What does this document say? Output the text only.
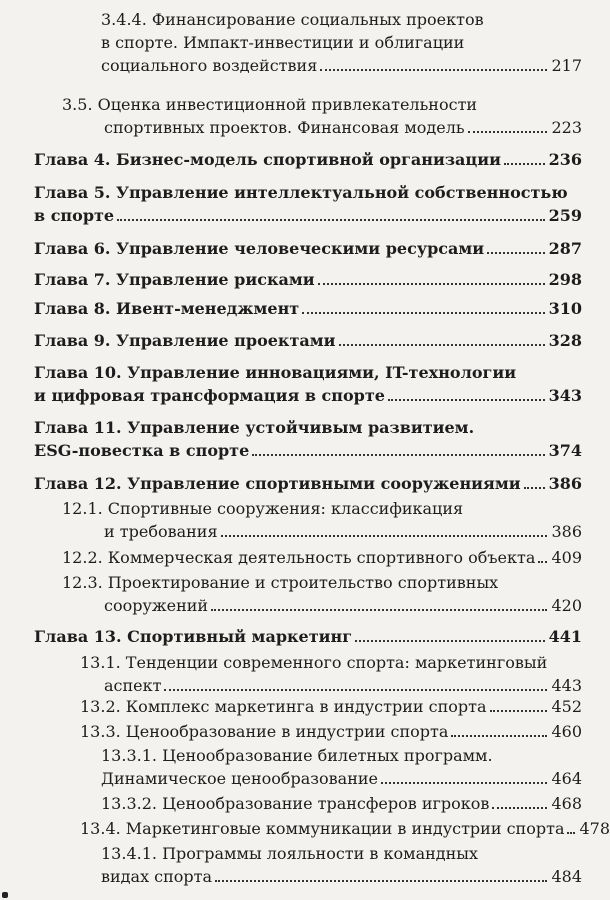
3.4.4. Финансирование социальных проектов
в спорте. Импакт-инвестиции и облигации
социального воздействия	217
3.5. Оценка инвестиционной привлекательности
спортивных проектов. Финансовая модель	223
Глава 4. Бизнес-модель спортивной организации	236
Глава 5. Управление интеллектуальной собственностью
в спорте	259
Глава 6. Управление человеческими ресурсами	287
Глава 7. Управление рисками	298
Глава 8. Ивент-менеджмент	310
Глава 9. Управление проектами	328
Глава 10. Управление инновациями, IT-технологии
и цифровая трансформация в спорте	343
Глава 11. Управление устойчивым развитием.
ESG-повестка в спорте	374
Глава 12. Управление спортивными сооружениями 386
12.1. Спортивные сооружения: классификация
и требования	386
12.2. Коммерческая деятельность спортивного объекта 409
12.3. Проектирование и строительство спортивных
сооружений	420
Глава 13. Спортивный маркетинг	441
13.1. Тенденции современного спорта: маркетинговый
аспект	443
13.2. Комплекс маркетинга в индустрии спорта	452
13.3. Ценообразование в индустрии спорта	460
13.3.1. Ценообразование билетных программ.
Динамическое ценообразование	464
13.3.2. Ценообразование трансферов игроков	468
13.4. Маркетинговые коммуникации в индустрии спорта 478
13.4.1. Программы лояльности в командных
видах спорта	484
